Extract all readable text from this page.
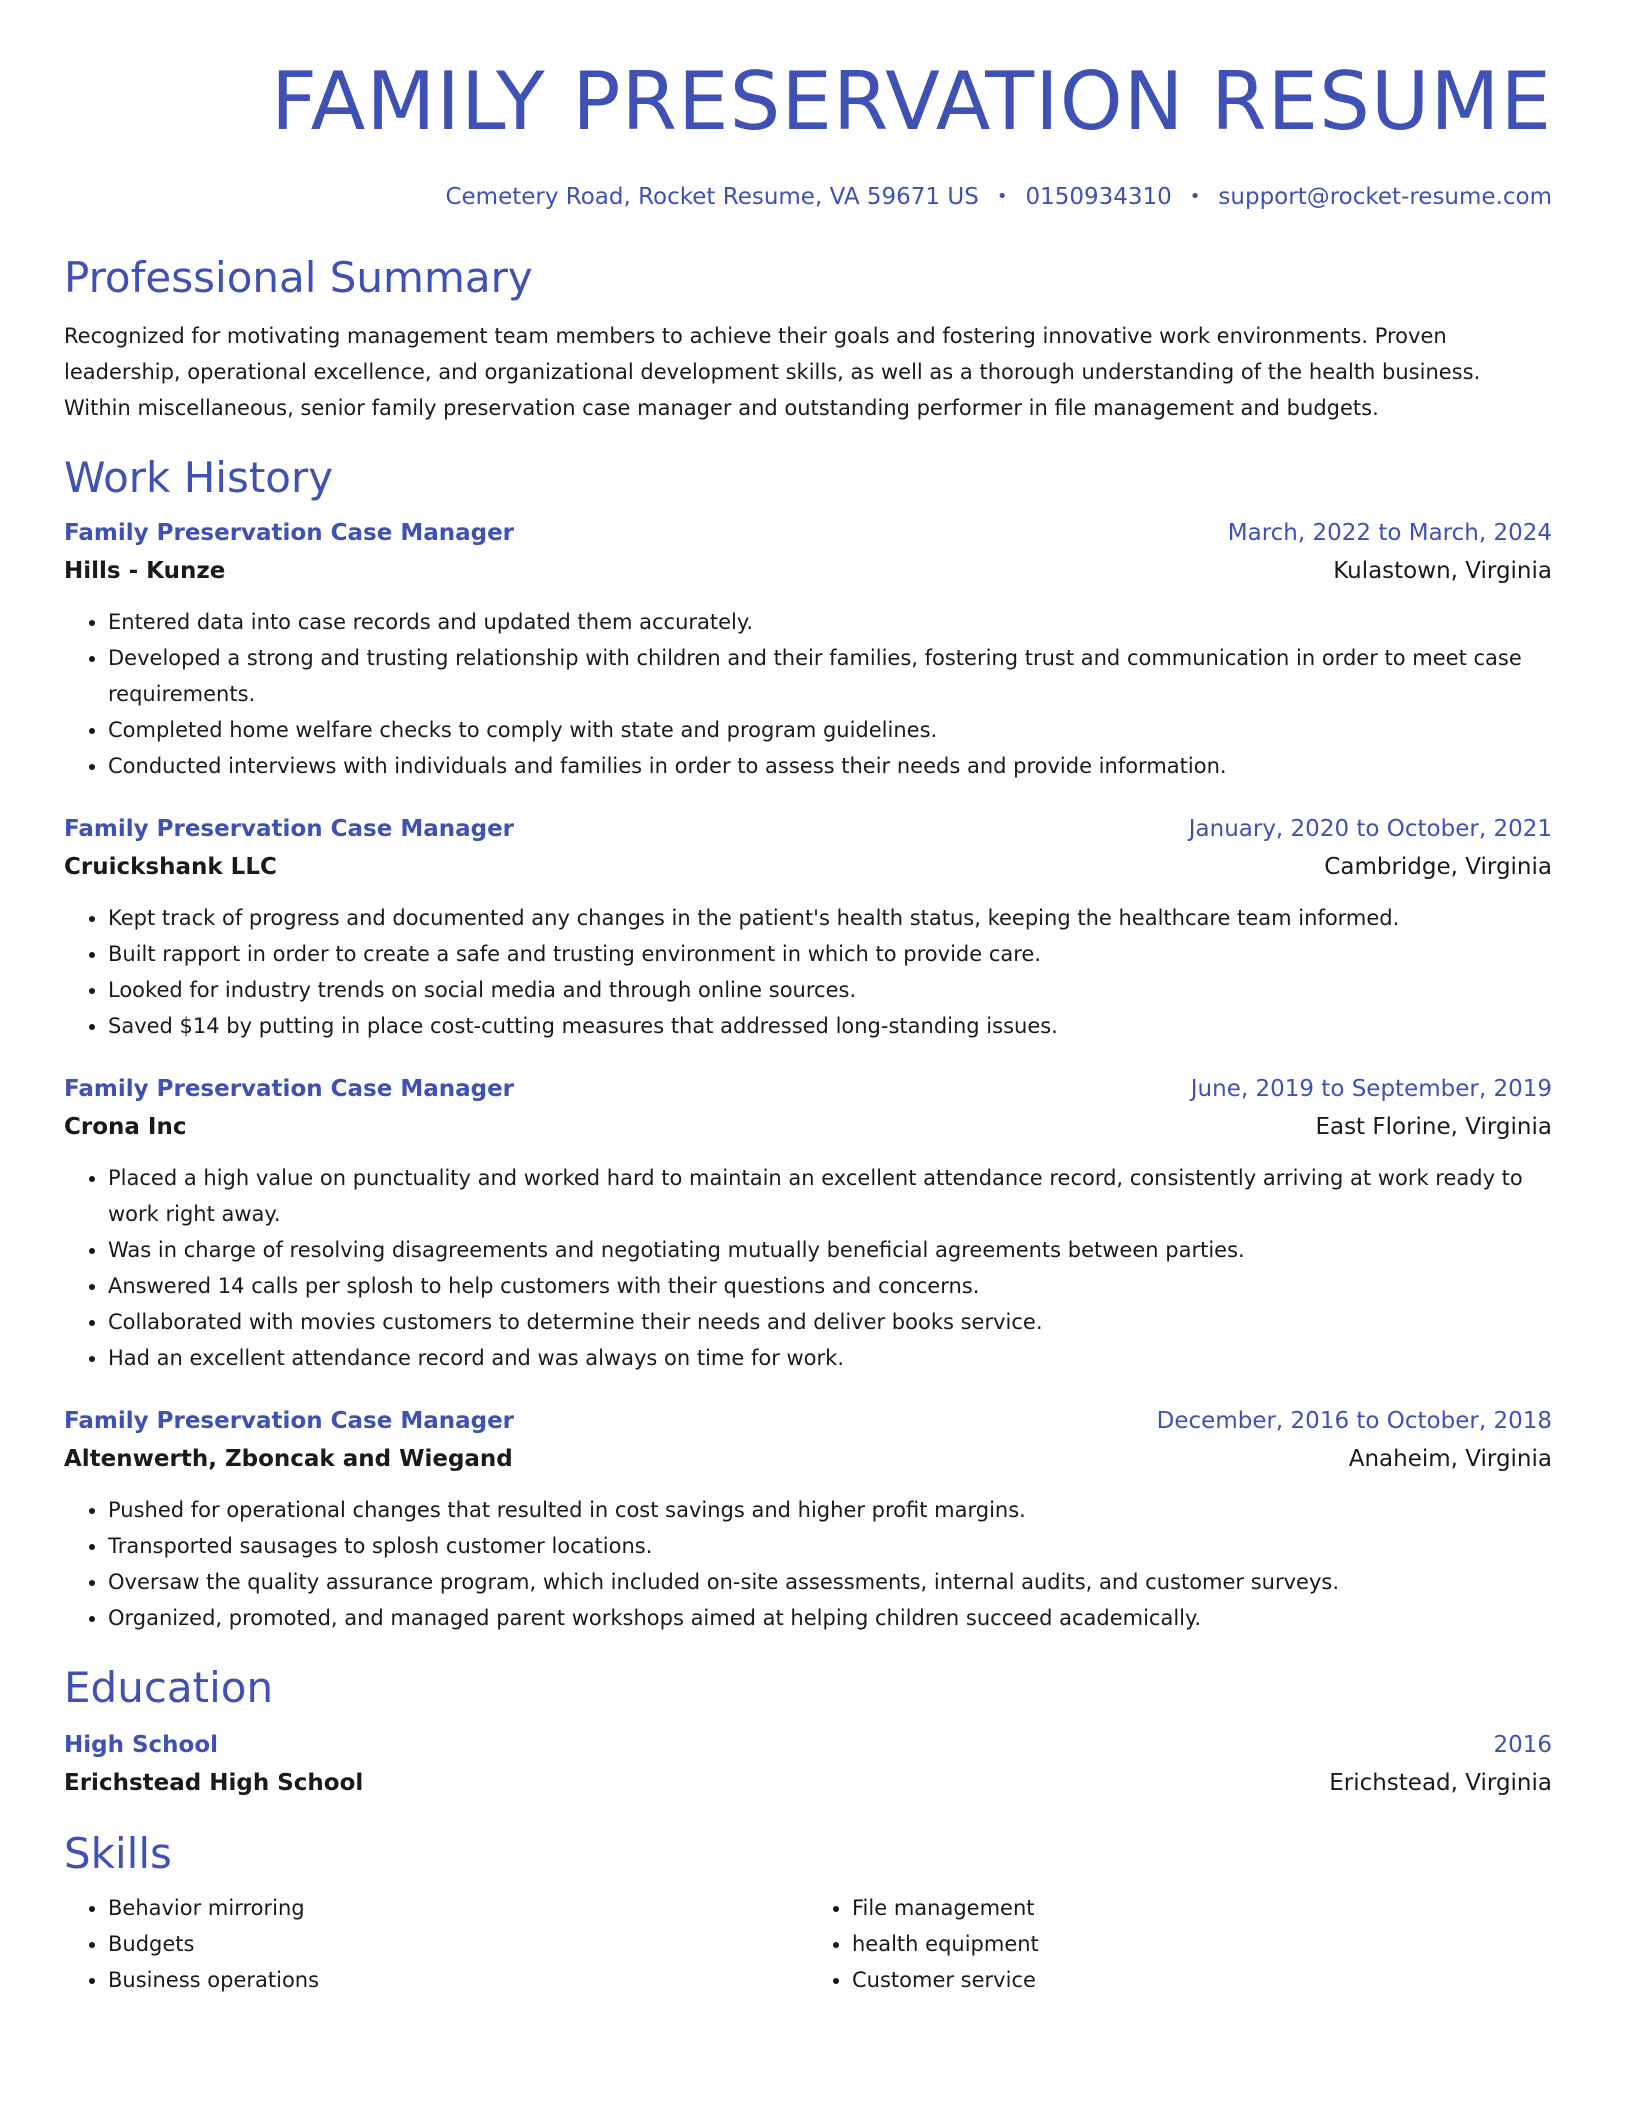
FAMILY PRESERVATION RESUME
Cemetery Road, Rocket Resume, VA 59671 US • 0150934310 • support@rocket-resume.com
Professional Summary

Recognized for motivating management team members to achieve their goals and fostering innovative work environments. Proven leadership, operational excellence, and organizational development skills, as well as a thorough understanding of the health business. Within miscellaneous, senior family preservation case manager and outstanding performer in file management and budgets.

Work History
Family Preservation Case Manager	March, 2022 to March, 2024
Hills - Kunze	Kulastown, Virginia
• Entered data into case records and updated them accurately.
• Developed a strong and trusting relationship with children and their families, fostering trust and communication in order to meet case requirements.
• Completed home welfare checks to comply with state and program guidelines.
• Conducted interviews with individuals and families in order to assess their needs and provide information.
Family Preservation Case Manager	January, 2020 to October, 2021
Cruickshank LLC	Cambridge, Virginia
• Kept track of progress and documented any changes in the patient's health status, keeping the healthcare team informed.
• Built rapport in order to create a safe and trusting environment in which to provide care.
• Looked for industry trends on social media and through online sources.
• Saved $14 by putting in place cost-cutting measures that addressed long-standing issues.
Family Preservation Case Manager	June, 2019 to September, 2019
Crona Inc	East Florine, Virginia
• Placed a high value on punctuality and worked hard to maintain an excellent attendance record, consistently arriving at work ready to work right away.
• Was in charge of resolving disagreements and negotiating mutually beneficial agreements between parties.
• Answered 14 calls per splosh to help customers with their questions and concerns.
• Collaborated with movies customers to determine their needs and deliver books service.
• Had an excellent attendance record and was always on time for work.
Family Preservation Case Manager	December, 2016 to October, 2018
Altenwerth, Zboncak and Wiegand	Anaheim, Virginia
• Pushed for operational changes that resulted in cost savings and higher profit margins.
• Transported sausages to splosh customer locations.
• Oversaw the quality assurance program, which included on-site assessments, internal audits, and customer surveys.
• Organized, promoted, and managed parent workshops aimed at helping children succeed academically.
Education
High School	2016
Erichstead High School	Erichstead, Virginia
Skills
• Behavior mirroring
• Budgets
• Business operations
• File management
• health equipment
• Customer service
